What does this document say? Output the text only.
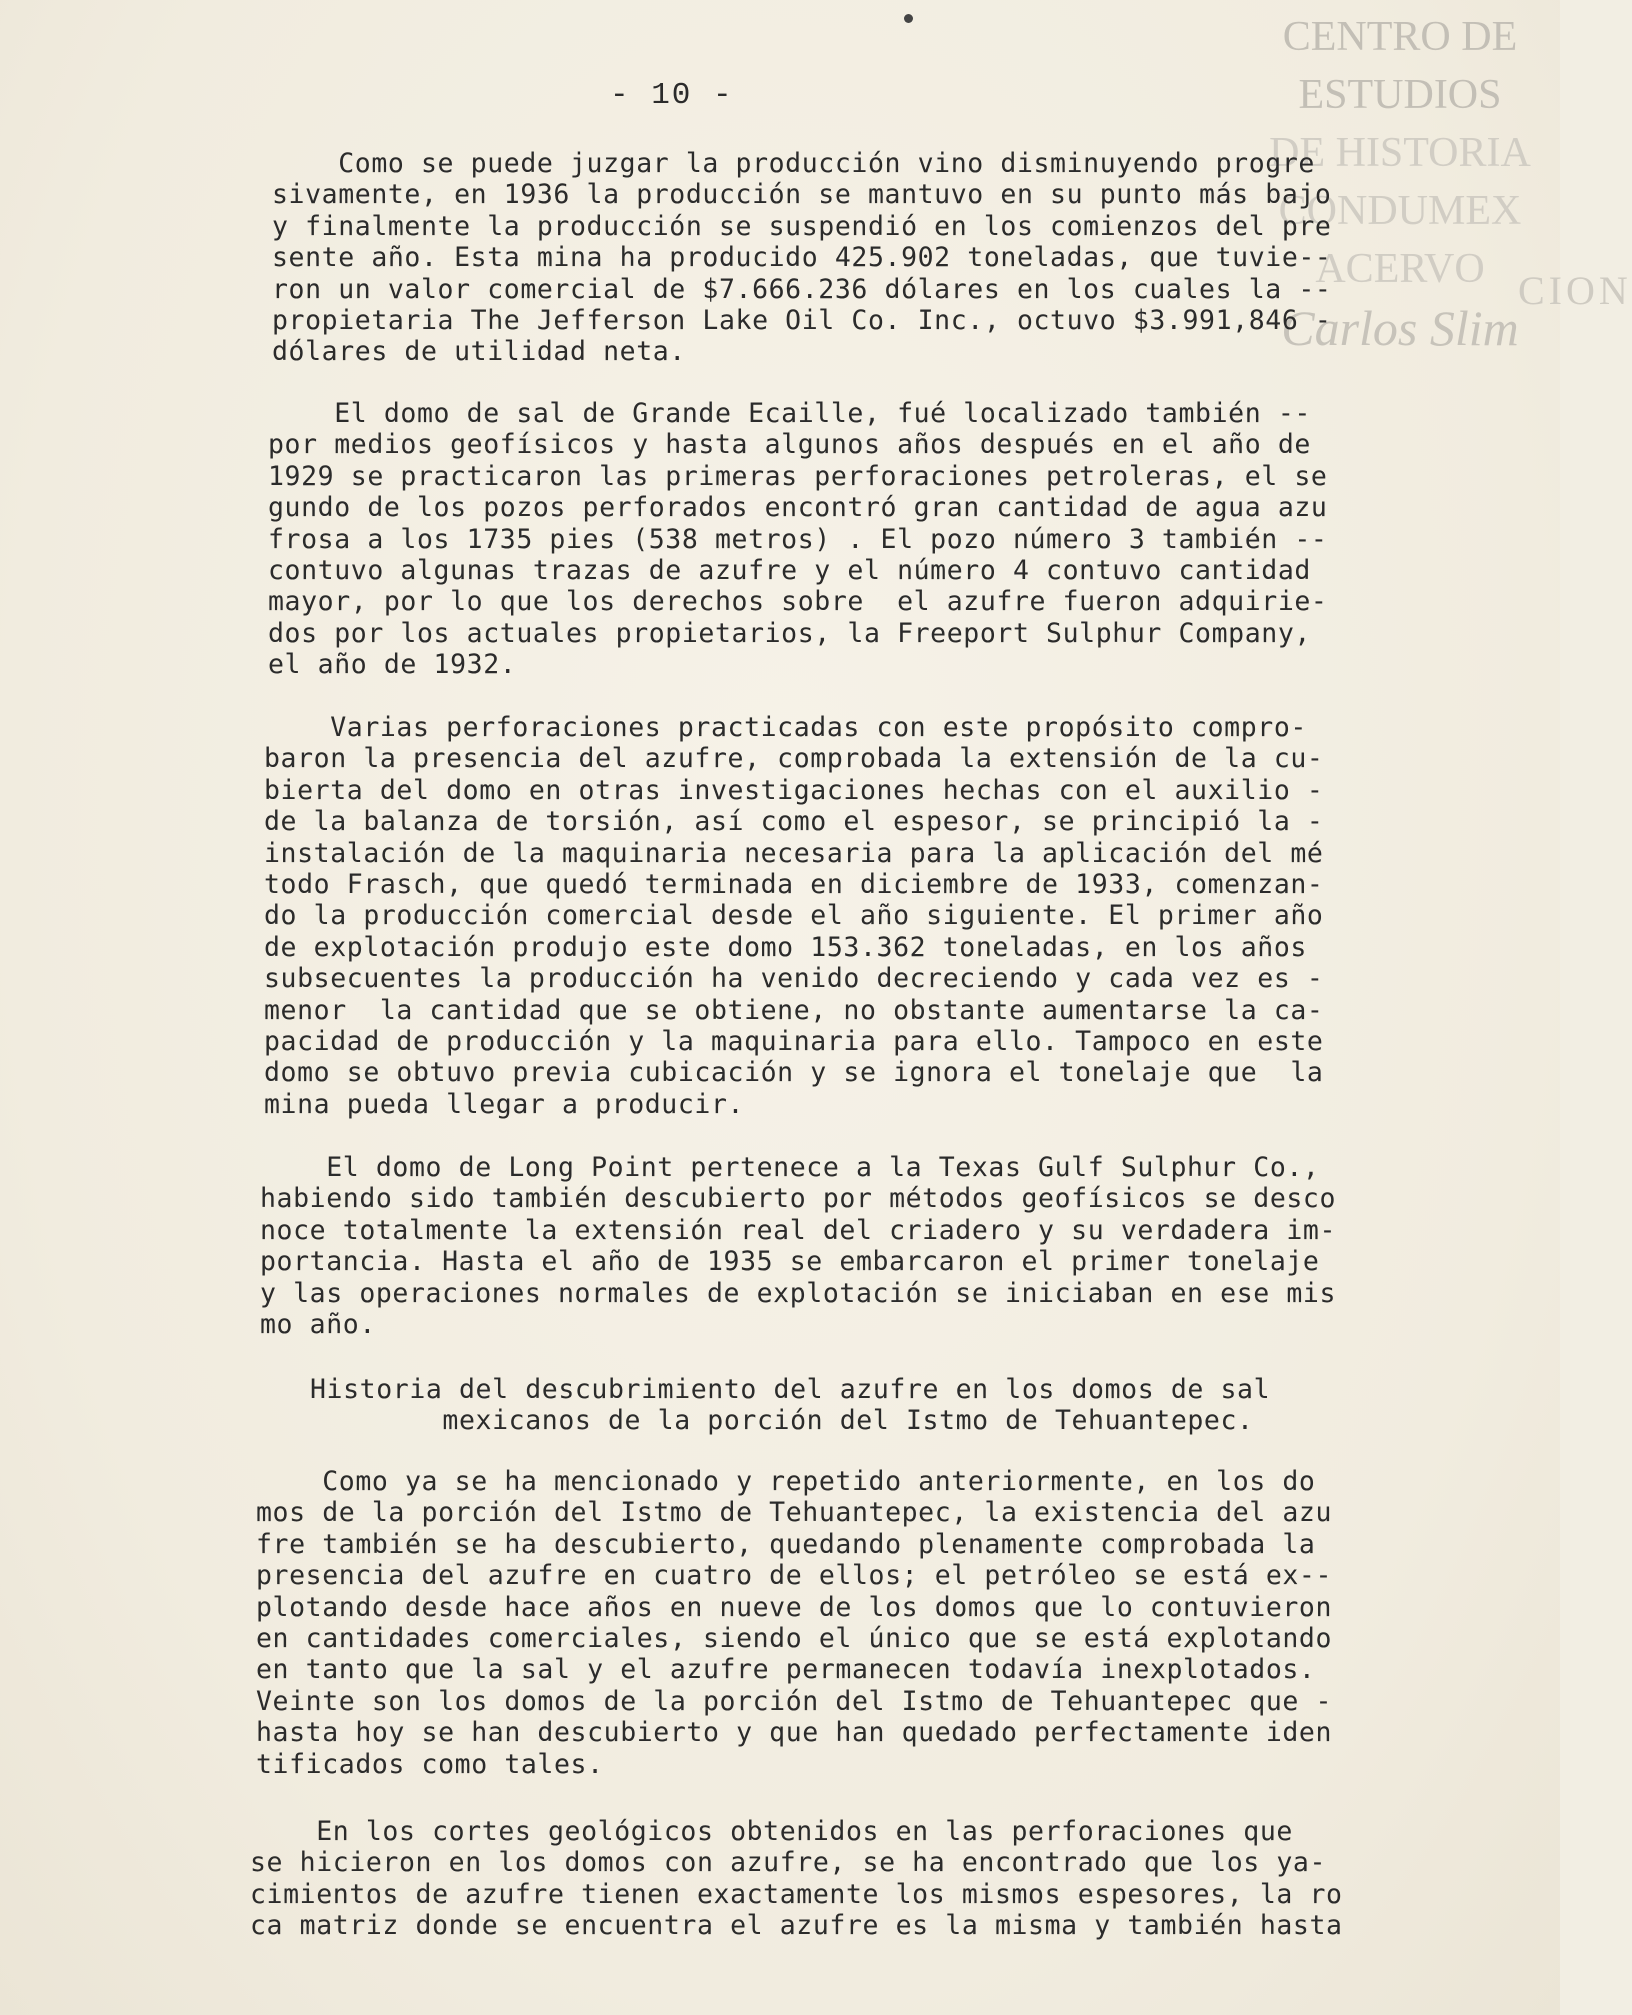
CENTRO DE
ESTUDIOS
DE HISTORIA
CONDUMEX
ACERVO
Carlos Slim
CION
- 10 -
Como se puede juzgar la producción vino disminuyendo progre
sivamente, en 1936 la producción se mantuvo en su punto más bajo
y finalmente la producción se suspendió en los comienzos del pre
sente año. Esta mina ha producido 425.902 toneladas, que tuvie--
ron un valor comercial de $7.666.236 dólares en los cuales la --
propietaria The Jefferson Lake Oil Co. Inc., octuvo $3.991,846 -
dólares de utilidad neta.
El domo de sal de Grande Ecaille, fué localizado también --
por medios geofísicos y hasta algunos años después en el año de
1929 se practicaron las primeras perforaciones petroleras, el se
gundo de los pozos perforados encontró gran cantidad de agua azu
frosa a los 1735 pies (538 metros) . El pozo número 3 también --
contuvo algunas trazas de azufre y el número 4 contuvo cantidad
mayor, por lo que los derechos sobre  el azufre fueron adquirie-
dos por los actuales propietarios, la Freeport Sulphur Company,
el año de 1932.
Varias perforaciones practicadas con este propósito compro-
baron la presencia del azufre, comprobada la extensión de la cu-
bierta del domo en otras investigaciones hechas con el auxilio -
de la balanza de torsión, así como el espesor, se principió la -
instalación de la maquinaria necesaria para la aplicación del mé
todo Frasch, que quedó terminada en diciembre de 1933, comenzan-
do la producción comercial desde el año siguiente. El primer año
de explotación produjo este domo 153.362 toneladas, en los años
subsecuentes la producción ha venido decreciendo y cada vez es -
menor  la cantidad que se obtiene, no obstante aumentarse la ca-
pacidad de producción y la maquinaria para ello. Tampoco en este
domo se obtuvo previa cubicación y se ignora el tonelaje que  la
mina pueda llegar a producir.
El domo de Long Point pertenece a la Texas Gulf Sulphur Co.,
habiendo sido también descubierto por métodos geofísicos se desco
noce totalmente la extensión real del criadero y su verdadera im-
portancia. Hasta el año de 1935 se embarcaron el primer tonelaje
y las operaciones normales de explotación se iniciaban en ese mis
mo año.
Historia del descubrimiento del azufre en los domos de sal
mexicanos de la porción del Istmo de Tehuantepec.
Como ya se ha mencionado y repetido anteriormente, en los do
mos de la porción del Istmo de Tehuantepec, la existencia del azu
fre también se ha descubierto, quedando plenamente comprobada la
presencia del azufre en cuatro de ellos; el petróleo se está ex--
plotando desde hace años en nueve de los domos que lo contuvieron
en cantidades comerciales, siendo el único que se está explotando
en tanto que la sal y el azufre permanecen todavía inexplotados.
Veinte son los domos de la porción del Istmo de Tehuantepec que -
hasta hoy se han descubierto y que han quedado perfectamente iden
tificados como tales.
En los cortes geológicos obtenidos en las perforaciones que
se hicieron en los domos con azufre, se ha encontrado que los ya-
cimientos de azufre tienen exactamente los mismos espesores, la ro
ca matriz donde se encuentra el azufre es la misma y también hasta
